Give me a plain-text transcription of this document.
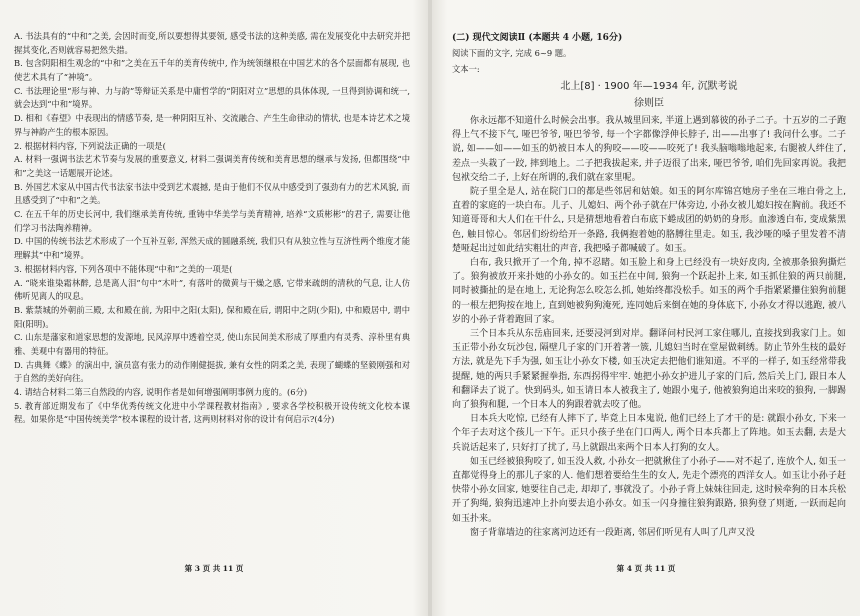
A. 书法具有的“中和”之美, 会因时而变,所以要想得其要领, 感受书法的这种美感, 需在发展变化中去研究并把握其变化,否则就容易把然失措。

B. 包含阴阳相生观念的“中和”之美在五千年的美育传统中, 作为统领继根在中国艺术的各个层面都有展现, 也使艺术具有了“神境”。

C. 书法理论里“形与神、力与韵”等辩证关系是中庸哲学的“阴阳对立”思想的具体体现, 一旦得到协调和统一, 就会达到“中和”境界。

D. 相和《春望》中表现出的情感节奏, 是一种阴阳互补、交流融合、产生生命律动的情状, 也是本诗艺术之境界与神韵产生的根本原因。

2. 根据材料内容, 下列说法正确的一项是(

A. 材料一强调书法艺术节奏与发展的重要意义, 材料二强调美育传统和美育思想的继承与发扬, 但都围绕“中和”之美这一话题展开论述。

B. 外国艺术家从中国古代书法家书法中受到艺术震撼, 是由于他们不仅从中感受到了强劲有力的艺术风貌, 而且感受到了“中和”之美。

C. 在五千年的历史长河中, 我们继承美育传统, 重铸中华美学与美育精神, 培养“文质彬彬”的君子, 需要让他们学习书法陶养精神。

D. 中国的传统书法艺术形成了一个互补互彰, 浑然天成的圆融系统, 我们只有从独立性与互济性两个维度才能理解其“中和”境界。

3. 根据材料内容, 下列各项中不能体现“中和”之美的一项是(

A. “晓来谁染霜林醉, 总是离人泪”句中“木叶”, 有落叶的微黄与干燥之感, 它带来疏朗的清秋的气息, 让人仿佛听见离人的叹息。

B. 紫禁城的外朝前三殿, 太和殿在前, 为阳中之阳(太阳), 保和殿在后, 谓阳中之阴(少阳), 中和殿居中, 谓中阳(阳明)。

C. 山东是藩家和道家思想的发源地, 民风淳厚中透着空灵, 使山东民间美术形成了厚重内有灵秀、淳朴里有典雅、美观中有器用的特征。

D. 古典舞《蝶》的演出中, 演员富有张力的动作刚健挺拔, 兼有女性的阴柔之美, 表现了蝴蝶的坚毅刚强和对于自然的美好向往。

4. 请结合材料二第三自然段的内容, 说明作者是如何增强阐明事例力度的。(6分)

5. 教育部近期发布了《中华优秀传统文化进中小学课程教材指南》, 要求各学校积极开设传统文化校本课程。如果你是“中国传统美学”校本课程的设计者, 这两则材料对你的设计有何启示?(4分)

第 3 页 共 11 页
(二) 现代文阅读Ⅱ (本题共 4 小题, 16分)
阅读下面的文字, 完成 6~9 题。
文本一:
北上[8] · 1900 年—1934 年, 沉默考说
徐则臣

你永远都不知道什么时候会出事。我从城里回来, 半道上遇到慕彼的孙子二子。十五岁的二子跑得上气不接下气, 哑巴爷爷, 哑巴爷爷, 每一个字都像浮伸长脖子, 出——出事了! 我问什么事。二子说, 如——如——如玉的奶被日本人的狗咬——咬——咬死了! 我头脑嗡嗡地起来, 右腿被人绊住了, 差点一头栽了一跤, 摔到地上。二子把我拔起来, 并子迈很了出来, 哑巴爷爷, 咱们先回家再说。我把包袱交给二子, 上好在所谓的,我们就在家里呢。

院子里全是人, 站在院门口的都是些邻居和姑娘。如玉的阿尔库锦宫她房子坐在三堆白骨之上, 直着的家庭的一块白布。儿子、儿媳妇、两个孙子就在尸体旁边, 小孙女被儿媳妇按在胸前。我还不知道哥哥和大人们在干什么, 只是猜想地看着白布底下蜷成团的奶奶的身形。血渗透白布, 变成紫黑色, 触目惊心。邻居们纷纷给开一条路, 我俩抱着她的胳膊往里走。如玉, 我沙哑的嗓子里发着不清楚哑起出过如此结实粗壮的声音, 我把嗓子都喊破了。如玉。

白布, 我只掀开了一个角, 掉不忍睹。如玉脸上和身上已经没有一块好皮肉, 全被那条狼狗撕烂了。狼狗被放开来扑她的小孙女的。如玉拦在中间, 狼狗一个跃起扑上来, 如玉抓住狼的两只前腿, 同时被撕扯的是在地上, 无论狗怎么咬怎么抓, 她始终都没松手。如玉的两个手指紧紧攥住狼狗前腿的一根左把狗按在地上, 直到她被狗狗淹死, 连同她后来倒在她的身体底下, 小孙女才得以逃跑, 被八岁的小孙子背着跑回了家。

三个日本兵从东岳庙回来, 还要浸河到对岸。翻译问村民河工家住哪儿, 直接找到我家门上。如玉正带小孙女玩沙包, 隔壁几子家的门开着著一簇, 儿媳妇当时在堂屋做刺绣。防止节外生枝的最好方法, 就是先下手为强, 如玉让小孙女下楼, 如玉决定去把他们谁知道。不平的一样子, 如玉经常带我提醒, 她的两只手紧紧握拳指, 东西拐得牢牢. 她把小孙女护进儿子家的门后, 然后关上门, 跟日本人和翻译去了说了。快到码头, 如玉请日本人被我主了, 她跟小鬼子, 他被狼狗追出来咬的狼狗, 一脚踢向了狼狗和腿, 一个日本人的狗跟着就去咬了他。

日本兵大吃惊, 已经有人摔下了, 毕竟上日本鬼说, 他们已经上了才干的是: 就跟小孙女, 下来一个年子去对这个孩儿一下午。正只小孩子坐在门口两人, 两个日本兵都上了阵地。如玉去翻, 去是大兵说话起来了, 只好打了扰了, 马上就跟出来两个日本人打狗的女人。

如玉已经被狼狗咬了, 如玉没人救, 小孙女一把就揪住了小孙子——对不起了, 连放个人, 如玉一直都觉得身上的那儿子家的人. 他们想着要给生生的女人, 先走个漂亮的西洋女人。如玉让小孙子赶快带小孙女回家, 她要往自己走, 却却了, 事就没了。小孙子背上妹妹往回走, 这时候牵狗的日本兵松开了狗绳, 狼狗迅速冲上扑向要去追小孙女。如玉一闪身撞往狼狗跟路, 狼狗登了则逝, 一跃而起向如玉扑来。

窗子背靠墙边的往家离河边还有一段距离, 邻居们听见有人叫了几声又没

第 4 页 共 11 页
